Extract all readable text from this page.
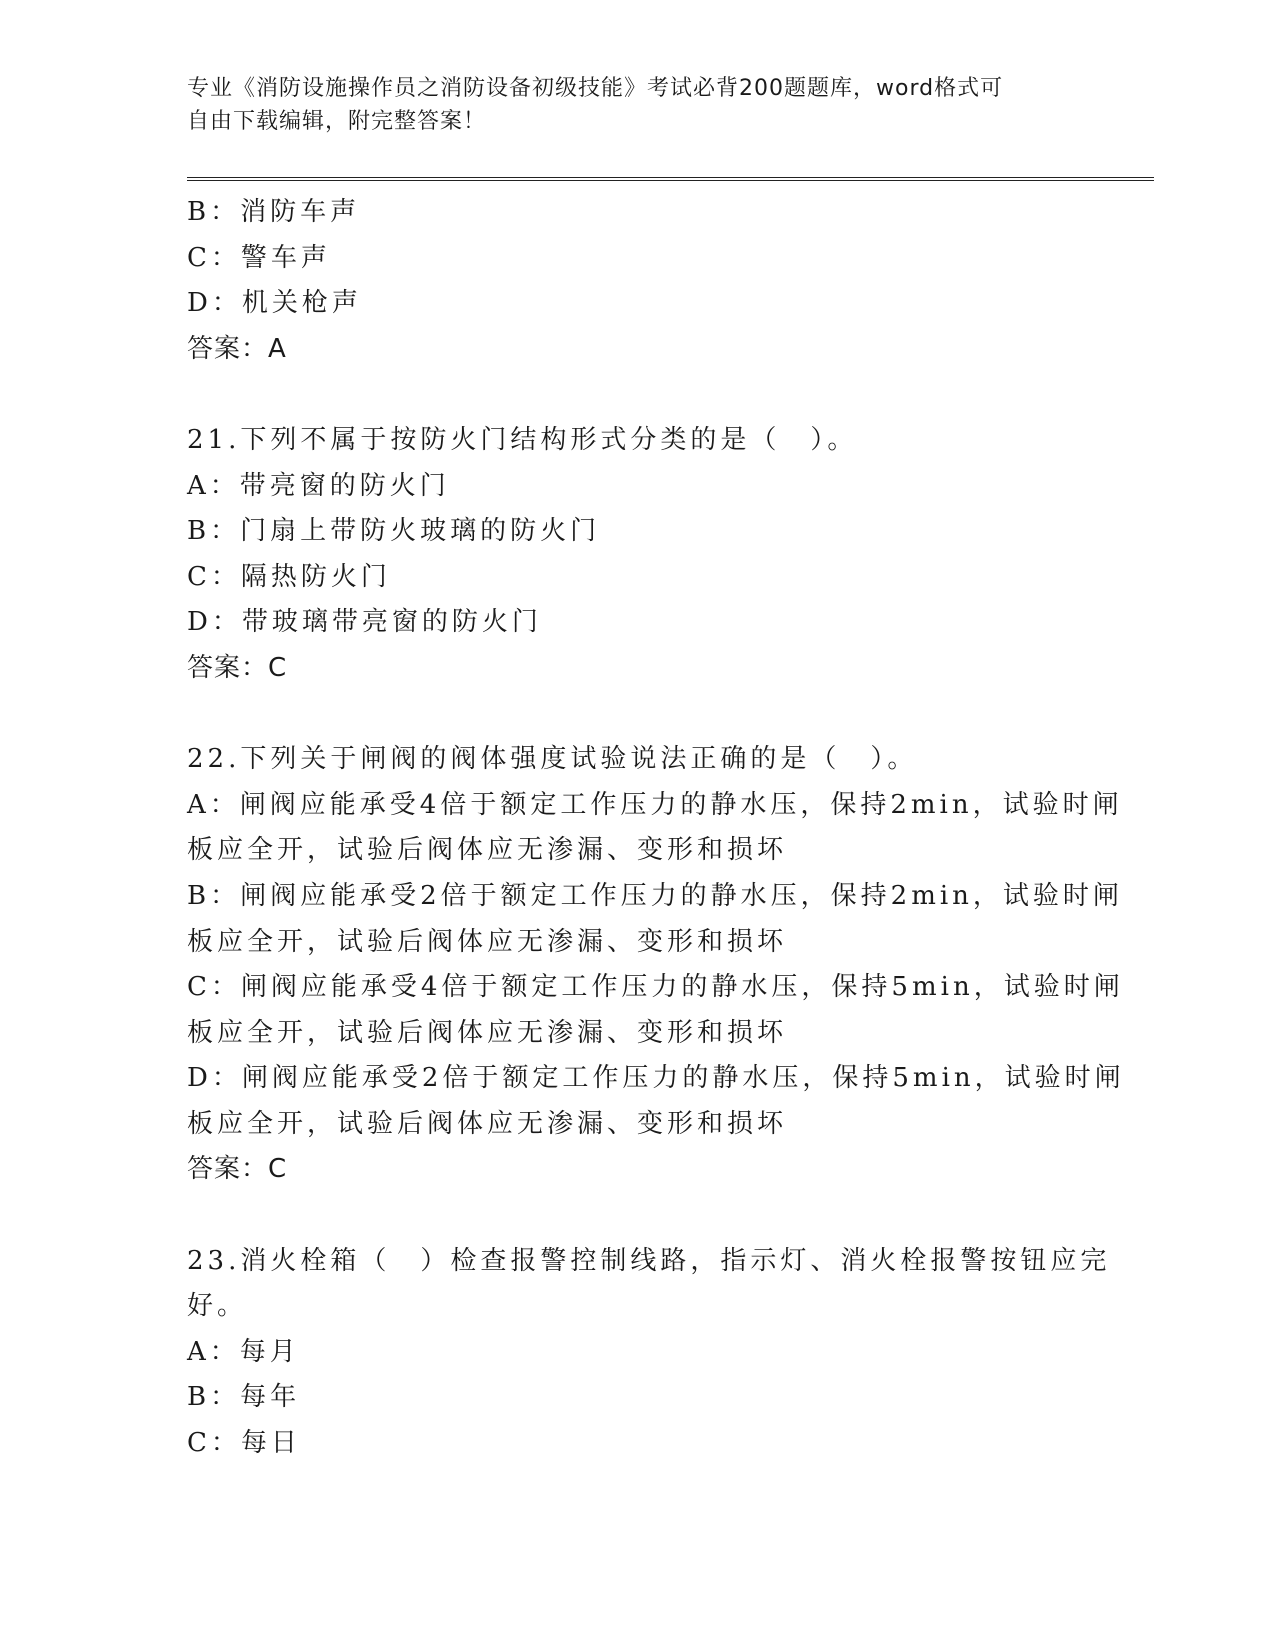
专业《消防设施操作员之消防设备初级技能》考试必背200题题库，word格式可
自由下载编辑，附完整答案！
B：消防车声
C：警车声
D：机关枪声
答案：A
21.下列不属于按防火门结构形式分类的是（　）。
A：带亮窗的防火门
B：门扇上带防火玻璃的防火门
C：隔热防火门
D：带玻璃带亮窗的防火门
答案：C
22.下列关于闸阀的阀体强度试验说法正确的是（　）。
A：闸阀应能承受4倍于额定工作压力的静水压，保持2min，试验时闸
板应全开，试验后阀体应无渗漏、变形和损坏
B：闸阀应能承受2倍于额定工作压力的静水压，保持2min，试验时闸
板应全开，试验后阀体应无渗漏、变形和损坏
C：闸阀应能承受4倍于额定工作压力的静水压，保持5min，试验时闸
板应全开，试验后阀体应无渗漏、变形和损坏
D：闸阀应能承受2倍于额定工作压力的静水压，保持5min，试验时闸
板应全开，试验后阀体应无渗漏、变形和损坏
答案：C
23.消火栓箱（　）检查报警控制线路，指示灯、消火栓报警按钮应完
好。
A：每月
B：每年
C：每日
